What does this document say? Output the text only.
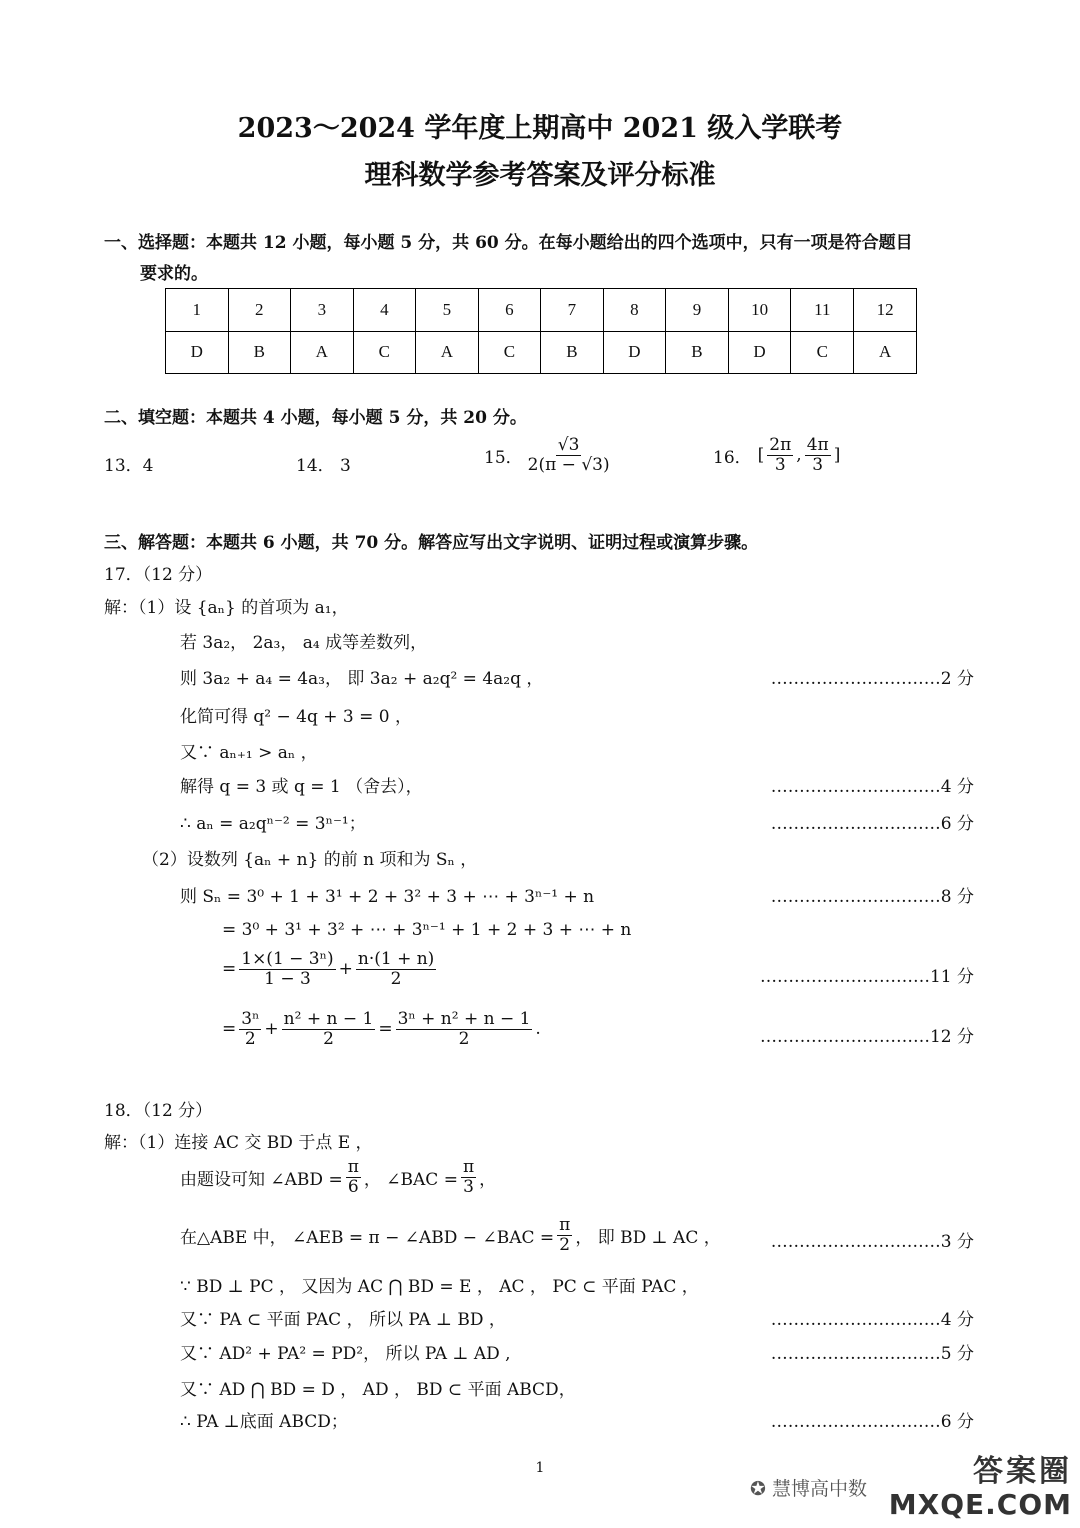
2023～2024 学年度上期高中 2021 级入学联考
理科数学参考答案及评分标准
一、选择题：本题共 12 小题，每小题 5 分，共 60 分。在每小题给出的四个选项中，只有一项是符合题目
要求的。
1	2	3	4	5	6	7	8	9	10	11	12
D	B	A	C	A	C	B	D	B	D	C	A
二、填空题：本题共 4 小题，每小题 5 分，共 20 分。
13．4	14． 3	15． $\frac{√3}{2(\pi - √3)}$	16． [ $\frac{2\pi}{3}$ , $\frac{4\pi}{3}$ ]
三、解答题：本题共 6 小题，共 70 分。解答应写出文字说明、证明过程或演算步骤。
17．（12 分）
解：（1）设 {aₙ} 的首项为 a₁，
若 3a₂， 2a₃， a₄ 成等差数列，
则 3a₂ + a₄ = 4a₃， 即 3a₂ + a₂q² = 4a₂q ，	…………………………2 分
化简可得 q² − 4q + 3 = 0 ，
又∵ aₙ₊₁ > aₙ ，
解得 q = 3 或 q = 1 （舍去），	…………………………4 分
∴ aₙ = a₂qⁿ⁻² = 3ⁿ⁻¹；	…………………………6 分
（2）设数列 {aₙ + n} 的前 n 项和为 Sₙ ，
则 Sₙ = 3⁰ + 1 + 3¹ + 2 + 3² + 3 + ⋯ + 3ⁿ⁻¹ + n	…………………………8 分
= 3⁰ + 3¹ + 3² + ⋯ + 3ⁿ⁻¹ + 1 + 2 + 3 + ⋯ + n
= $\frac{\text{1×(1 − 3ⁿ)}}{1 - 3} + \frac{n\cdot(1 + n)}{2}$	…………………………11 分
= $\frac{\text{3ⁿ}}{2} + \frac{\text{n² + n − 1}}{2} = \frac{\text{3ⁿ + n² + n − 1}}{2}$ .	…………………………12 分
18．（12 分）
解：（1）连接 AC 交 BD 于点 E ，
由题设可知 ∠ABD = $\frac{\pi}{6}$ ， ∠BAC = $\frac{\pi}{3}$ ，
在△ABE 中， ∠AEB = π − ∠ABD − ∠BAC = $\frac{\pi}{2}$ ， 即 BD ⊥ AC ，	…………………………3 分
∵ BD ⊥ PC ， 又因为 AC ⋂ BD = E ， AC ， PC ⊂ 平面 PAC ，
又∵ PA ⊂ 平面 PAC ， 所以 PA ⊥ BD ，	…………………………4 分
又∵ AD² + PA² = PD²， 所以 PA ⊥ AD ,	…………………………5 分
又∵ AD ⋂ BD = D ， AD ， BD ⊂ 平面 ABCD，
∴ PA ⊥底面 ABCD；	…………………………6 分
1
✪ 慧博高中数	答案圈
MXQE.COM
